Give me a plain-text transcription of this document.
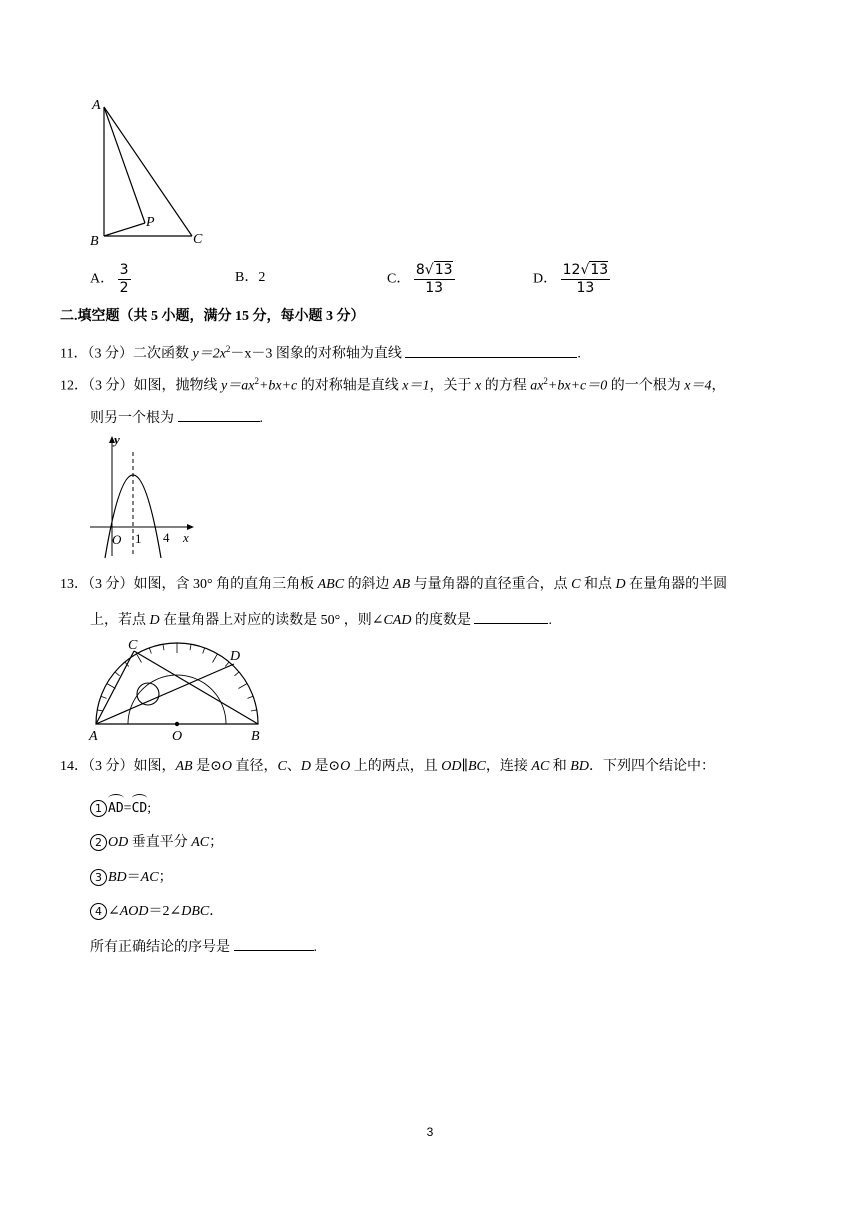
A
B
P
C
A． $\frac{3}{2}$	B．2	C． $\frac{8√13}{13}$	D． $\frac{12√13}{13}$
二.填空题（共 5 小题，满分 15 分，每小题 3 分）
11．（3 分）二次函数 $y=2x^2-x-3$ 图象的对称轴为直线	.
12．（3 分）如图，抛物线 $y=ax^2+bx+c$ 的对称轴是直线 x＝1，关于 x 的方程 $ax^2+bx+c=0$ 的一个根为 x＝4，
则另一个根为	.
y
x
O 1 4
13．（3 分）如图，含 30° 角的直角三角板 ABC 的斜边 AB 与量角器的直径重合，点 C 和点 D 在量角器的半圆
上，若点 D 在量角器上对应的读数是 50° ，则∠CAD 的度数是	.
A	O	B
C
D
14．（3 分）如图，AB 是⊙O 直径，C、D 是⊙O 上的两点，且 OD∥BC，连接 AC 和 BD．下列四个结论中：
1 AD=CD;
2 OD 垂直平分 AC；
3 BD＝AC；
4 ∠AOD＝2∠DBC．
所有正确结论的序号是	.
3
